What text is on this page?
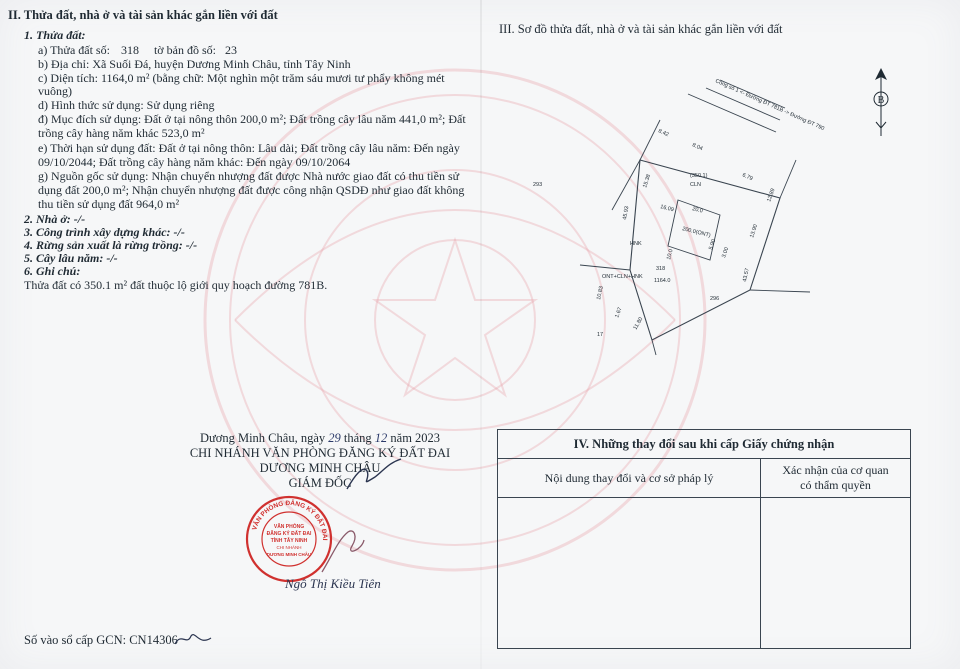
II. Thửa đất, nhà ở và tài sản khác gắn liền với đất
1. Thửa đất:
a) Thửa đất số: 318 tờ bản đồ số: 23
b) Địa chỉ: Xã Suối Đá, huyện Dương Minh Châu, tỉnh Tây Ninh
c) Diện tích: 1164,0 m² (bằng chữ: Một nghìn một trăm sáu mươi tư phẩy không mét
vuông)
d) Hình thức sử dụng: Sử dụng riêng
đ) Mục đích sử dụng: Đất ở tại nông thôn 200,0 m²; Đất trồng cây lâu năm 441,0 m²; Đất
trồng cây hàng năm khác 523,0 m²
e) Thời hạn sử dụng đất: Đất ở tại nông thôn: Lâu dài; Đất trồng cây lâu năm: Đến ngày
09/10/2044; Đất trồng cây hàng năm khác: Đến ngày 09/10/2064
g) Nguồn gốc sử dụng: Nhận chuyển nhượng đất được Nhà nước giao đất có thu tiền sử
dụng đất 200,0 m²; Nhận chuyển nhượng đất được công nhận QSDĐ như giao đất không
thu tiền sử dụng đất 964,0 m²
2. Nhà ở: -/-
3. Công trình xây dựng khác: -/-
4. Rừng sản xuất là rừng trồng: -/-
5. Cây lâu năm: -/-
6. Ghi chú:
Thửa đất có 350.1 m² đất thuộc lộ giới quy hoạch đường 781B.
Dương Minh Châu, ngày 29 tháng 12 năm 2023
CHI NHÁNH VĂN PHÒNG ĐĂNG KÝ ĐẤT ĐAI
DƯƠNG MINH CHÂU
GIÁM ĐỐC
VĂN PHÒNG ĐĂNG KÝ ĐẤT ĐAI
VĂN PHÒNG
ĐĂNG KÝ ĐẤT ĐAI
TỈNH TÂY NINH
CHI NHÁNH
DƯƠNG MINH CHÂU
Ngô Thị Kiều Tiên
Số vào sổ cấp GCN: CN14306
III. Sơ đồ thửa đất, nhà ở và tài sản khác gắn liền với đất
B
Cống số 1 <- Đường ĐT 781B -> Đường ĐT 790
293
296
17
(350.1)
CLN
HNK
200.0(ONT)
318
ONT+CLN+HNK
1164.0
8.42
8.04
6.79
12.89
15.38
16.09
45.93
10.83
43.57
20.0
10.0
11.80
1.67
5.90
13.90
3.00
IV. Những thay đổi sau khi cấp Giấy chứng nhận	
Nội dung thay đổi và cơ sở pháp lý	Xác nhận của cơ quan
có thẩm quyền
